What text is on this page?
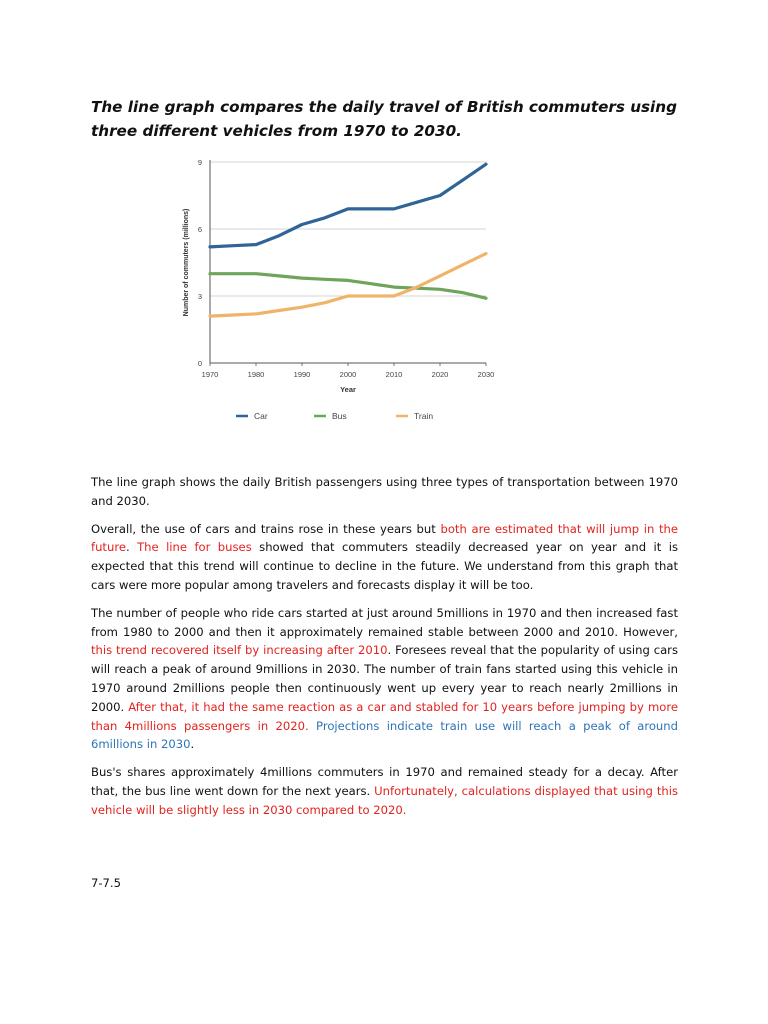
The line graph compares the daily travel of British commuters using three different vehicles from 1970 to 2030.
0
3
6
9
1970	1980	1990	2000	2010	2020	2030
Year
Number of commuters (millions)
Car	Bus	Train

The line graph shows the daily British passengers using three types of transportation between 1970 and 2030.

Overall, the use of cars and trains rose in these years but both are estimated that will jump in the future. The line for buses showed that commuters steadily decreased year on year and it is expected that this trend will continue to decline in the future. We understand from this graph that cars were more popular among travelers and forecasts display it will be too.

The number of people who ride cars started at just around 5millions in 1970 and then increased fast from 1980 to 2000 and then it approximately remained stable between 2000 and 2010. However, this trend recovered itself by increasing after 2010. Foresees reveal that the popularity of using cars will reach a peak of around 9millions in 2030. The number of train fans started using this vehicle in 1970 around 2millions people then continuously went up every year to reach nearly 2millions in 2000. After that, it had the same reaction as a car and stabled for 10 years before jumping by more than 4millions passengers in 2020. Projections indicate train use will reach a peak of around 6millions in 2030.

Bus's shares approximately 4millions commuters in 1970 and remained steady for a decay. After that, the bus line went down for the next years. Unfortunately, calculations displayed that using this vehicle will be slightly less in 2030 compared to 2020.

7-7.5
